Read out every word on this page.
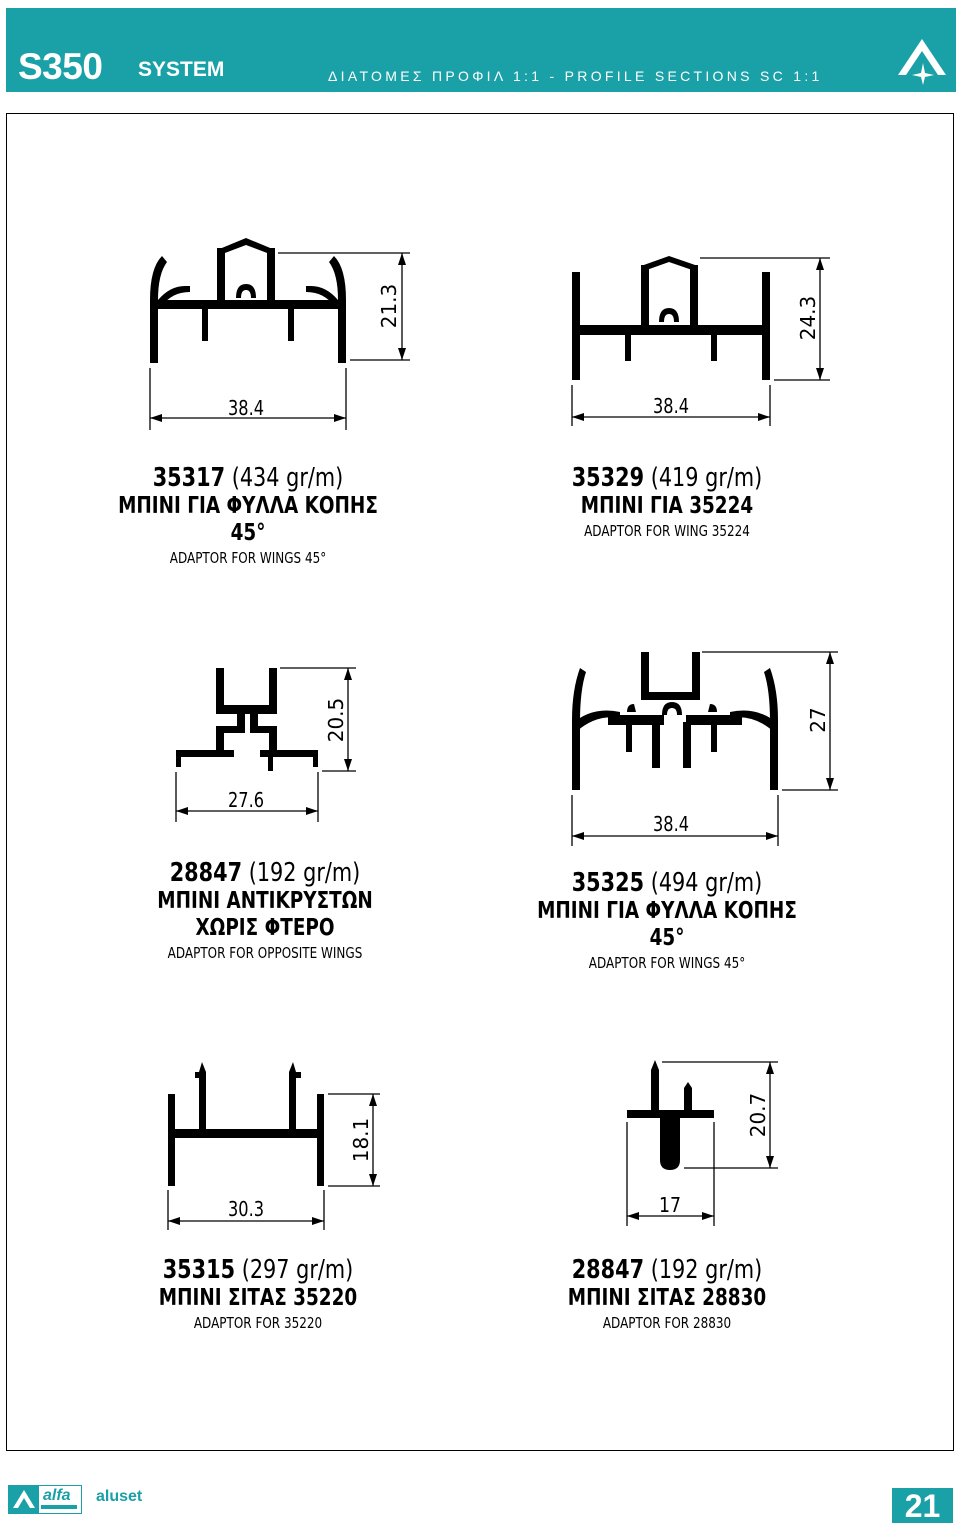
S350 SYSTEM	ΔΙΑΤΟΜΕΣ ΠΡΟΦΙΛ 1:1 - PROFILE SECTIONS SC 1:1
38.4
21.3
38.4
24.3
27.6
20.5
38.4
27
30.3
18.1
17
20.7
35317 (434 gr/m)
ΜΠΙΝΙ ΓΙΑ ΦΥΛΛΑ ΚΟΠΗΣ 45°
ADAPTOR FOR WINGS 45°
35329 (419 gr/m)
ΜΠΙΝΙ ΓΙΑ 35224
ADAPTOR FOR WING 35224
28847 (192 gr/m)
ΜΠΙΝΙ ΑΝΤΙΚΡΥΣΤΩΝ ΧΩΡΙΣ ΦΤΕΡΟ
ADAPTOR FOR OPPOSITE WINGS
35325 (494 gr/m)
ΜΠΙΝΙ ΓΙΑ ΦΥΛΛΑ ΚΟΠΗΣ 45°
ADAPTOR FOR WINGS 45°
35315 (297 gr/m)
ΜΠΙΝΙ ΣΙΤΑΣ 35220
ADAPTOR FOR 35220
28847 (192 gr/m)
ΜΠΙΝΙ ΣΙΤΑΣ 28830
ADAPTOR FOR 28830
alfa aluset	21
